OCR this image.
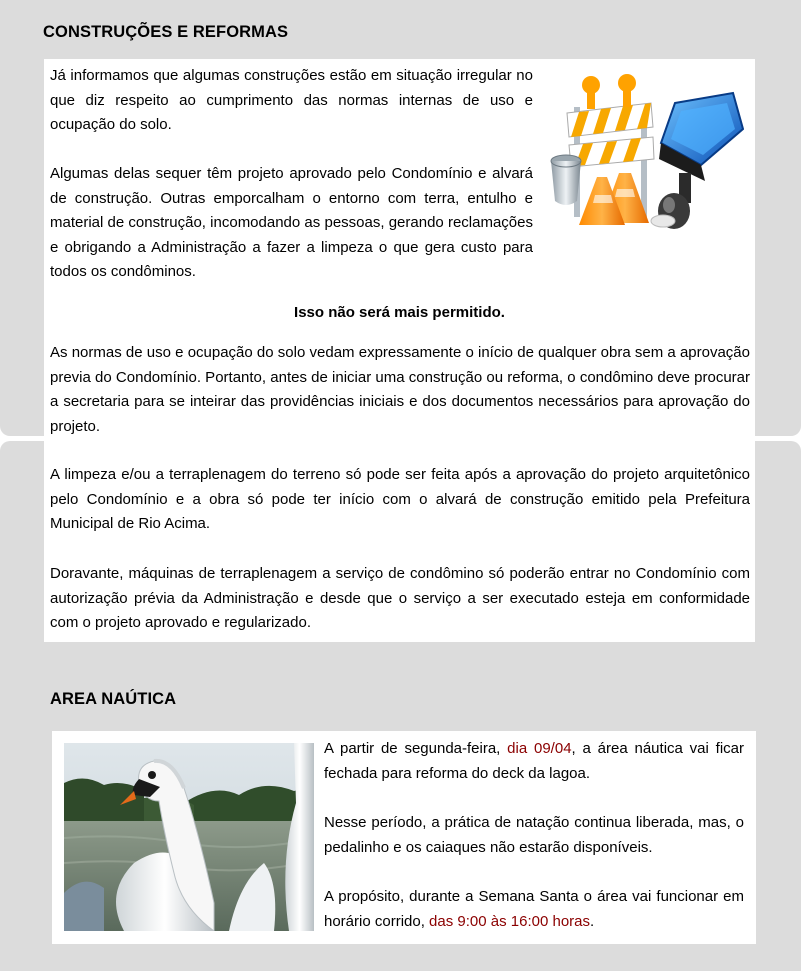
CONSTRUÇÕES E REFORMAS

Já informamos que algumas construções estão em situação irregular no que diz respeito ao cumprimento das normas internas de uso e ocupação do solo.

Algumas delas sequer têm projeto aprovado pelo Condomínio e alvará de construção. Outras emporcalham o entorno com terra, entulho e material de construção, incomodando as pessoas, gerando reclamações e obrigando a Administração a fazer a limpeza o que gera custo para todos os condôminos.

Isso não será mais permitido.

As normas de uso e ocupação do solo vedam expressamente o início de qualquer obra sem a aprovação previa do Condomínio. Portanto, antes de iniciar uma construção ou reforma, o condômino deve procurar a secretaria para se inteirar das providências iniciais e dos documentos necessários para aprovação do projeto.

A limpeza e/ou a terraplenagem do terreno só pode ser feita após a aprovação do projeto arquitetônico pelo Condomínio e a obra só pode ter início com o alvará de construção emitido pela Prefeitura Municipal de Rio Acima.

Doravante, máquinas de terraplenagem a serviço de condômino só poderão entrar no Condomínio com autorização prévia da Administração e desde que o serviço a ser executado esteja em conformidade com o projeto aprovado e regularizado.

AREA NAÚTICA

A partir de segunda-feira, dia 09/04, a área náutica vai ficar fechada para reforma do deck da lagoa.

Nesse período, a prática de natação continua liberada, mas, o pedalinho e os caiaques não estarão disponíveis.

A propósito, durante a Semana Santa o área vai funcionar em horário corrido, das 9:00 às 16:00 horas.
